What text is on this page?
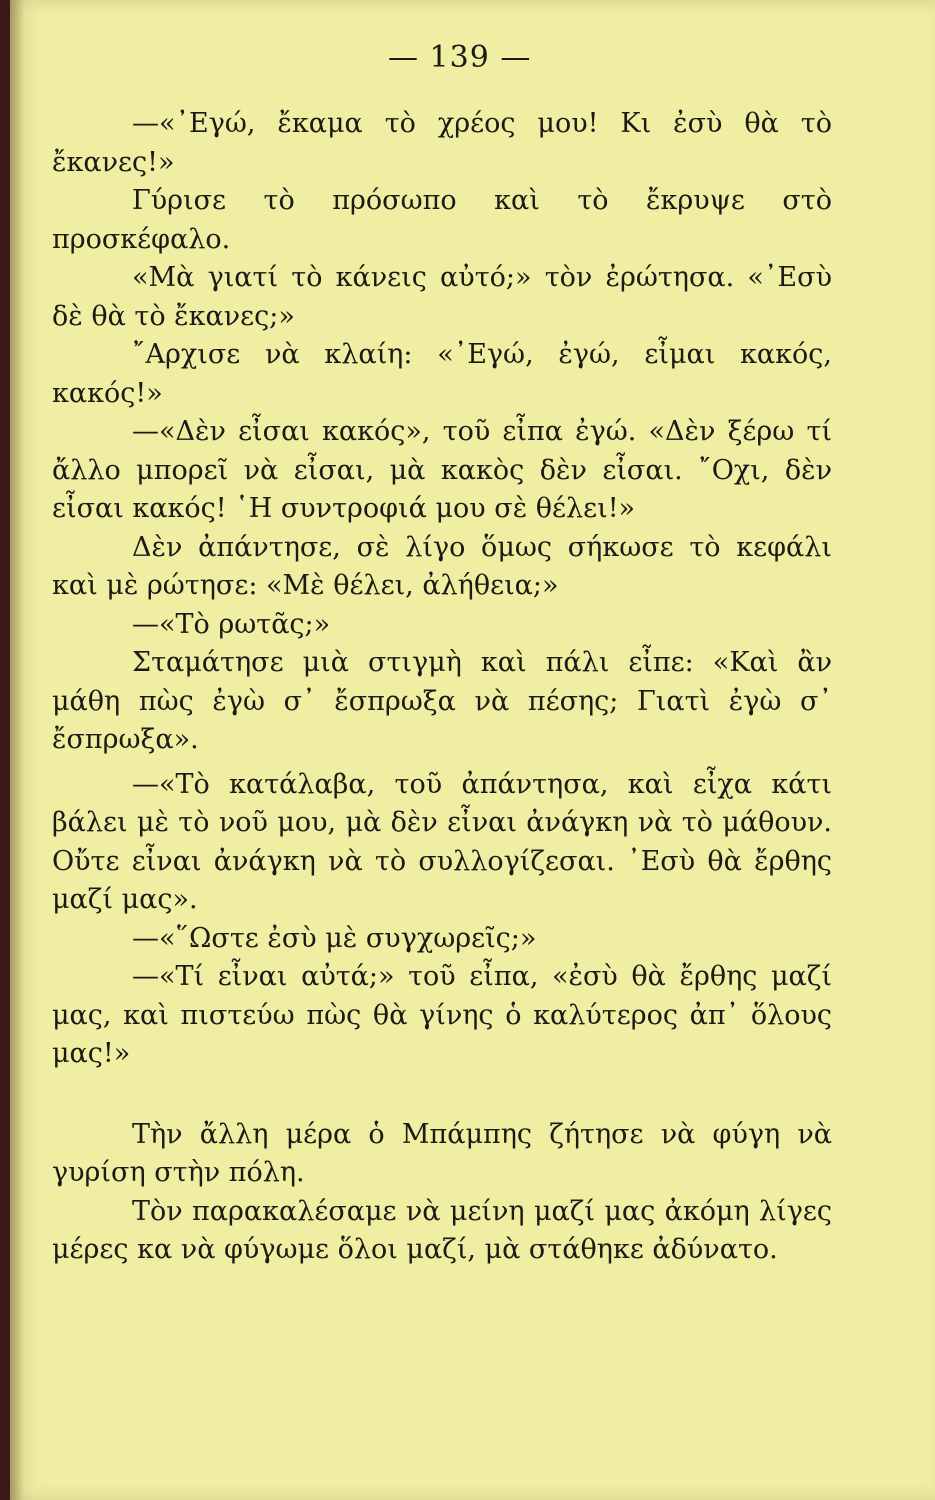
— 139 —

—«᾽Εγώ, ἔκαμα τὸ χρέος μου! Κι ἐσὺ θὰ τὸ ἔκανες!»

Γύρισε τὸ πρόσωπο καὶ τὸ ἔκρυψε στὸ προσκέφαλο.

«Μὰ γιατί τὸ κάνεις αὐτό;» τὸν ἐρώτησα. «᾽Εσὺ δὲ θὰ τὸ ἔκανες;»

῎Αρχισε νὰ κλαίη: «᾽Εγώ, ἐγώ, εἶμαι κακός, κακός!»

—«Δὲν εἶσαι κακός», τοῦ εἶπα ἐγώ. «Δὲν ξέρω τί ἄλλο μπορεῖ νὰ εἶσαι, μὰ κακὸς δὲν εἶσαι. ῎Οχι, δὲν εἶσαι κακός! ῾Η συντροφιά μου σὲ θέλει!»

Δὲν ἀπάντησε, σὲ λίγο ὅμως σήκωσε τὸ κεφάλι καὶ μὲ ρώτησε: «Μὲ θέλει, ἀλήθεια;»

—«Τὸ ρωτᾶς;»

Σταμάτησε μιὰ στιγμὴ καὶ πάλι εἶπε: «Καὶ ἂν μάθη πὼς ἐγὼ σ᾽ ἔσπρωξα νὰ πέσης; Γιατὶ ἐγὼ σ᾽ ἔσπρωξα».

—«Τὸ κατάλαβα, τοῦ ἀπάντησα, καὶ εἶχα κάτι βάλει μὲ τὸ νοῦ μου, μὰ δὲν εἶναι ἀνάγκη νὰ τὸ μάθουν. Οὔτε εἶναι ἀνάγκη νὰ τὸ συλλογίζεσαι. ᾽Εσὺ θὰ ἔρθης μαζί μας».

—«῞Ωστε ἐσὺ μὲ συγχωρεῖς;»

—«Τί εἶναι αὐτά;» τοῦ εἶπα, «ἐσὺ θὰ ἔρθης μαζί μας, καὶ πιστεύω πὼς θὰ γίνης ὁ καλύτερος ἀπ᾽ ὅλους μας!»

Τὴν ἄλλη μέρα ὁ Μπάμπης ζήτησε νὰ φύγη νὰ γυρίση στὴν πόλη.

Τὸν παρακαλέσαμε νὰ μείνη μαζί μας ἀκόμη λίγες μέρες κα νὰ φύγωμε ὅλοι μαζί, μὰ στάθηκε ἀδύνατο.
